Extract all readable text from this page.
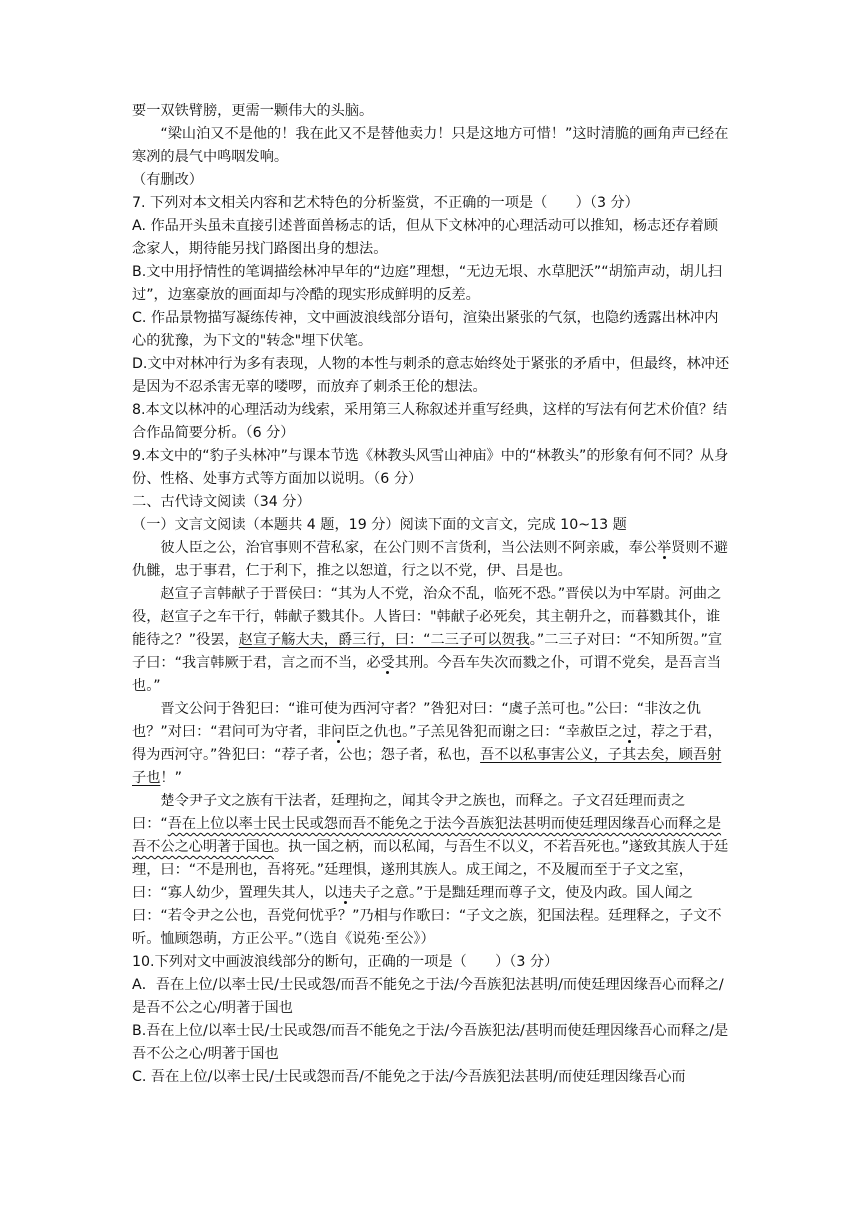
要一双铁臂膀，更需一颗伟大的头脑。

“梁山泊又不是他的！我在此又不是替他卖力！只是这地方可惜！”这时清脆的画角声已经在寒冽的晨气中鸣咽发响。

（有删改）

7. 下列对本文相关内容和艺术特色的分析鉴赏，不正确的一项是（　　）（3 分）

A. 作品开头虽未直接引述普面兽杨志的话，但从下文林冲的心理活动可以推知，杨志还存着顾念家人，期待能另找门路图出身的想法。

B.文中用抒情性的笔调描绘林冲早年的“边庭”理想，“无边无垠、水草肥沃”“胡笳声动，胡儿扫过”，边塞豪放的画面却与冷酷的现实形成鲜明的反差。

C. 作品景物描写凝练传神，文中画波浪线部分语句，渲染出紧张的气氛，也隐约透露出林冲内心的犹豫，为下文的"转念"埋下伏笔。

D.文中对林冲行为多有表现，人物的本性与刺杀的意志始终处于紧张的矛盾中，但最终，林冲还是因为不忍杀害无辜的喽啰，而放弃了刺杀王伦的想法。

8.本文以林冲的心理活动为线索，采用第三人称叙述并重写经典，这样的写法有何艺术价值？结合作品简要分析。（6 分）

9.本文中的“豹子头林冲”与课本节选《林教头风雪山神庙》中的“林教头”的形象有何不同？从身份、性格、处事方式等方面加以说明。（6 分）

二、古代诗文阅读（34 分）

（一）文言文阅读（本题共 4 题，19 分）阅读下面的文言文，完成 10~13 题

彼人臣之公，治官事则不营私家，在公门则不言货利，当公法则不阿亲戚，奉公举贤则不避仇雠，忠于事君，仁于利下，推之以恕道，行之以不党，伊、吕是也。

赵宣子言韩献子于晋侯曰：“其为人不党，治众不乱，临死不恐。”晋侯以为中军尉。河曲之役，赵宣子之车干行，韩献子戮其仆。人皆曰："韩献子必死矣，其主朝升之，而暮戮其仆，谁能待之？”役罢，赵宣子觞大夫，爵三行，曰：“二三子可以贺我。”二三子对曰：“不知所贺。”宣子曰：“我言韩厥于君，言之而不当，必受其刑。今吾车失次而戮之仆，可谓不党矣，是吾言当也。”

晋文公问于咎犯曰：“谁可使为西河守者？”咎犯对曰：“虞子羔可也。”公曰：“非汝之仇也？”对曰：“君问可为守者，非问臣之仇也。”子羔见咎犯而谢之曰：“幸赦臣之过，荐之于君，得为西河守。”咎犯曰：“荐子者，公也；怨子者，私也，吾不以私事害公义，子其去矣，顾吾射子也！”

楚令尹子文之族有干法者，廷理拘之，闻其令尹之族也，而释之。子文召廷理而责之曰：“吾在上位以率士民士民或怨而吾不能免之于法今吾族犯法甚明而使廷理因缘吾心而释之是吾不公之心明著于国也。执一国之柄，而以私闻，与吾生不以义，不若吾死也。”遂致其族人于廷理，曰：“不是刑也，吾将死。”廷理惧，遂刑其族人。成王闻之，不及履而至于子文之室，曰：“寡人幼少，置理失其人，以违夫子之意。”于是黜廷理而尊子文，使及内政。国人闻之曰：“若令尹之公也，吾党何忧乎？”乃相与作歌曰：“子文之族，犯国法程。廷理释之，子文不听。恤顾怨萌，方正公平。”（选自《说苑·至公》）

10.下列对文中画波浪线部分的断句，正确的一项是（　　）（3 分）

A．吾在上位/以率士民/士民或怨/而吾不能免之于法/今吾族犯法甚明/而使廷理因缘吾心而释之/是吾不公之心/明著于国也

B.吾在上位/以率士民/士民或怨/而吾不能免之于法/今吾族犯法/甚明而使廷理因缘吾心而释之/是吾不公之心/明著于国也

C. 吾在上位/以率士民/士民或怨而吾/不能免之于法/今吾族犯法甚明/而使廷理因缘吾心而
